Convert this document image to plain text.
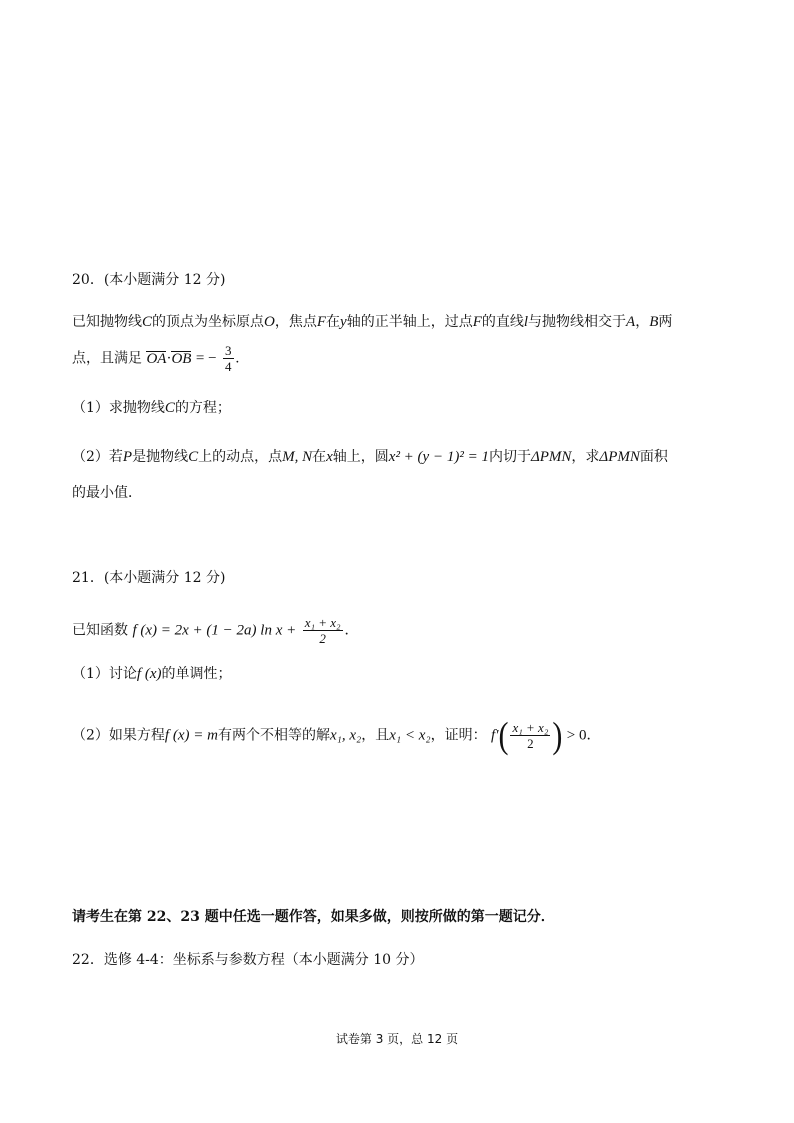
20．(本小题满分 12 分)
已知抛物线C的顶点为坐标原点O，焦点F在y轴的正半轴上，过点F的直线l与抛物线相交于A，B两
点，且满足 OA·OB = − $\frac{3}{4}$ .
（1）求抛物线C的方程；
（2）若P是抛物线C上的动点，点M, N在x轴上，圆x² + (y − 1)² = 1内切于ΔPMN，求ΔPMN面积
的最小值．
21．(本小题满分 12 分)
已知函数 f (x) = 2x + (1 − 2a) $\ln x + \frac{\text{x₁ + x₂}}{2}$ ．
（1）讨论f (x)的单调性；
（2）如果方程f (x) = m有两个不相等的解x₁, x₂，且x₁ < x₂，证明： $f'( \frac{\text{x₁ + x₂}}{2}$ ) > 0．
请考生在第 22、23 题中任选一题作答，如果多做，则按所做的第一题记分．
22．选修 4-4：坐标系与参数方程（本小题满分 10 分）
试卷第 3 页，总 12 页
